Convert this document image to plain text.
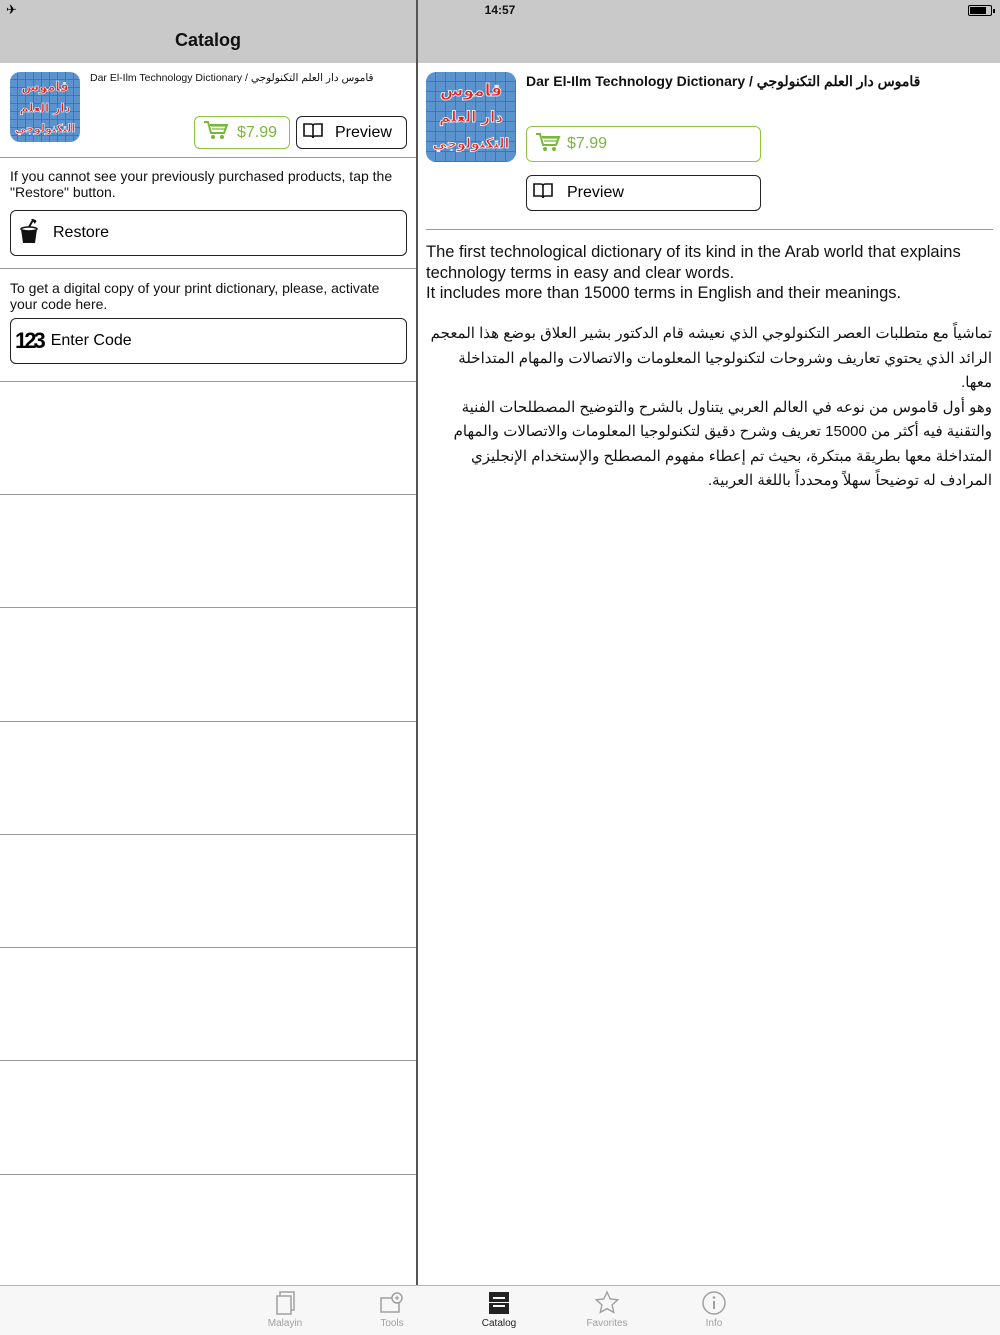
✈	14:57
Catalog
قاموس
دار العلم
التكنولوجي
Dar El-Ilm Technology Dictionary / قاموس دار العلم التكنولوجي
$7.99	Preview
If you cannot see your previously purchased products, tap the "Restore" button.
Restore
To get a digital copy of your print dictionary, please, activate your code here.
123 Enter Code
قاموس
دار العلم
التكنولوجي
Dar El-Ilm Technology Dictionary / قاموس دار العلم التكنولوجي
$7.99
Preview
The first technological dictionary of its kind in the Arab world that explains technology terms in easy and clear words.
It includes more than 15000 terms in English and their meanings.
تماشياً مع متطلبات العصر التكنولوجي الذي نعيشه قام الدكتور بشير العلاق بوضع هذا المعجم الرائد الذي يحتوي تعاريف وشروحات لتكنولوجيا المعلومات والاتصالات والمهام المتداخلة معها.
وهو أول قاموس من نوعه في العالم العربي يتناول بالشرح والتوضيح المصطلحات الفنية والتقنية فيه أكثر من 15000 تعريف وشرح دقيق لتكنولوجيا المعلومات والاتصالات والمهام المتداخلة معها بطريقة مبتكرة، بحيث تم إعطاء مفهوم المصطلح والإستخدام الإنجليزي المرادف له توضيحاً سهلاً ومحدداً باللغة العربية.
Malayin	Tools	Catalog	Favorites	Info
